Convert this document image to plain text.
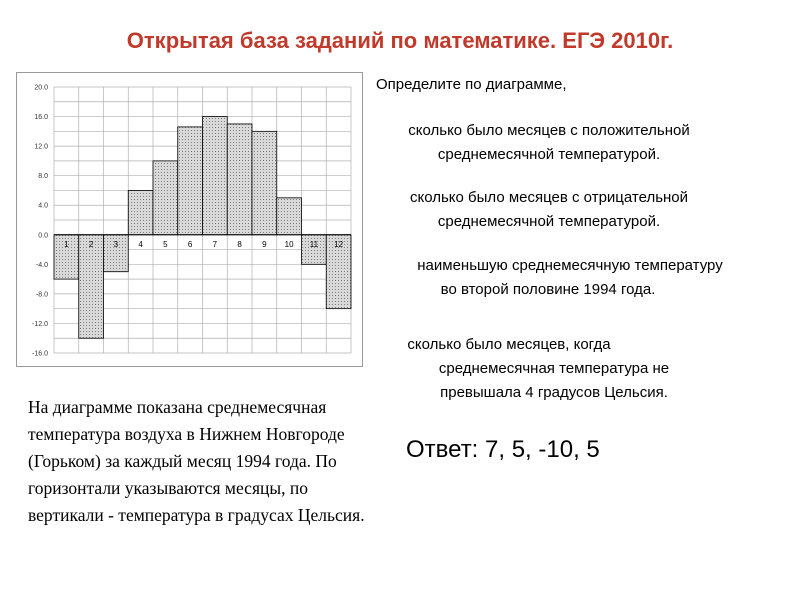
Открытая база заданий по математике. ЕГЭ 2010г.
20.0
16.0
12.0
8.0
4.0
0.0
-4.0
-8.0
-12.0
-16.0
1	2	3	4	5	6	7	8	9 10 11 12
Определите по диаграмме,
сколько было месяцев с положительной
среднемесячной температурой.
сколько было месяцев с отрицательной
среднемесячной температурой.
наименьшую среднемесячную температуру
во второй половине 1994 года.
сколько было месяцев, когда
среднемесячная температура не
превышала 4 градусов Цельсия.
На диаграмме показана среднемесячная температура воздуха в Нижнем Новгороде (Горьком) за каждый месяц 1994 года. По горизонтали указываются месяцы, по вертикали - температура в градусах Цельсия.
Ответ: 7, 5, -10, 5
